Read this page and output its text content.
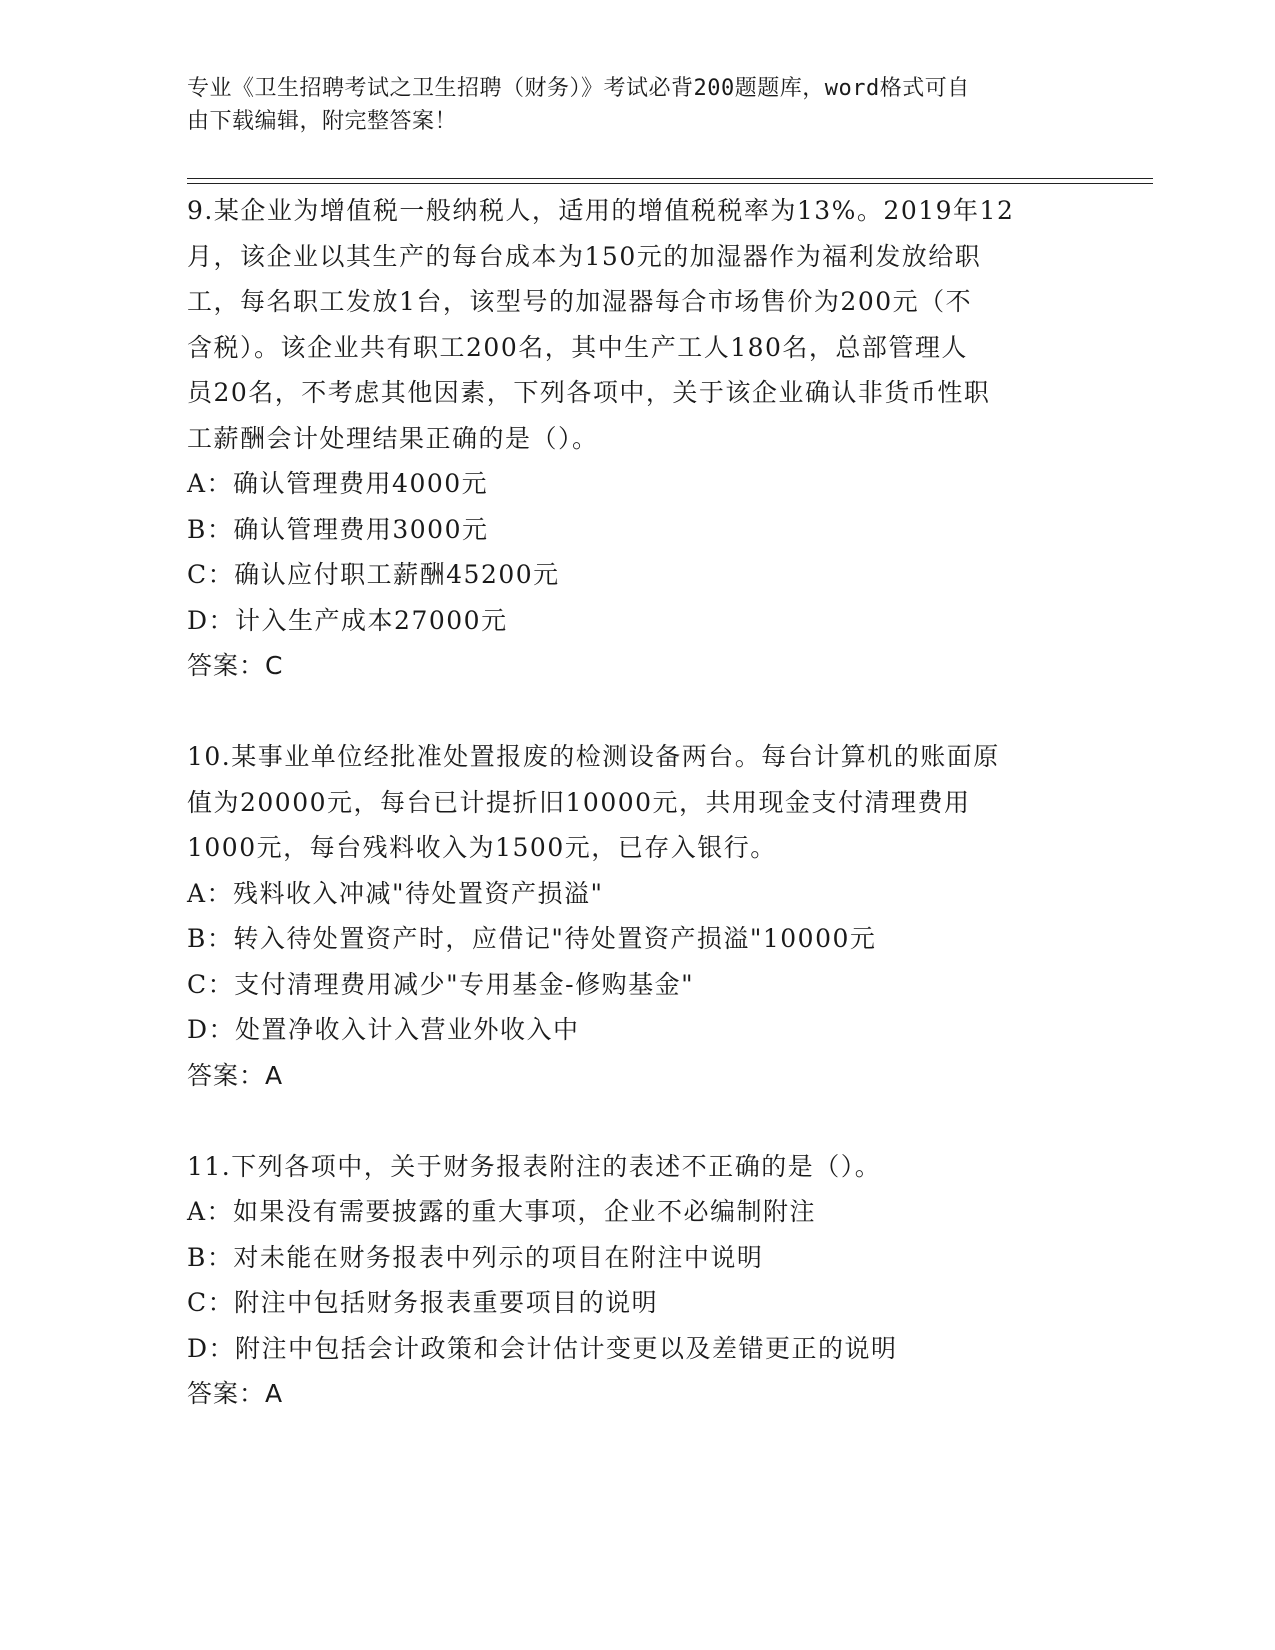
专业《卫生招聘考试之卫生招聘（财务）》考试必背200题题库，word格式可自
由下载编辑，附完整答案！

9.某企业为增值税一般纳税人，适用的增值税税率为13%。2019年12

月，该企业以其生产的每台成本为150元的加湿器作为福利发放给职

工，每名职工发放1台，该型号的加湿器每合市场售价为200元（不

含税）。该企业共有职工200名，其中生产工人180名，总部管理人

员20名，不考虑其他因素，下列各项中，关于该企业确认非货币性职

工薪酬会计处理结果正确的是（）。

A：确认管理费用4000元

B：确认管理费用3000元

C：确认应付职工薪酬45200元

D：计入生产成本27000元

答案：C

10.某事业单位经批准处置报废的检测设备两台。每台计算机的账面原

值为20000元，每台已计提折旧10000元，共用现金支付清理费用

1000元，每台残料收入为1500元，已存入银行。

A：残料收入冲减"待处置资产损溢"

B：转入待处置资产时，应借记"待处置资产损溢"10000元

C：支付清理费用减少"专用基金-修购基金"

D：处置净收入计入营业外收入中

答案：A

11.下列各项中，关于财务报表附注的表述不正确的是（）。

A：如果没有需要披露的重大事项，企业不必编制附注

B：对未能在财务报表中列示的项目在附注中说明

C：附注中包括财务报表重要项目的说明

D：附注中包括会计政策和会计估计变更以及差错更正的说明

答案：A
